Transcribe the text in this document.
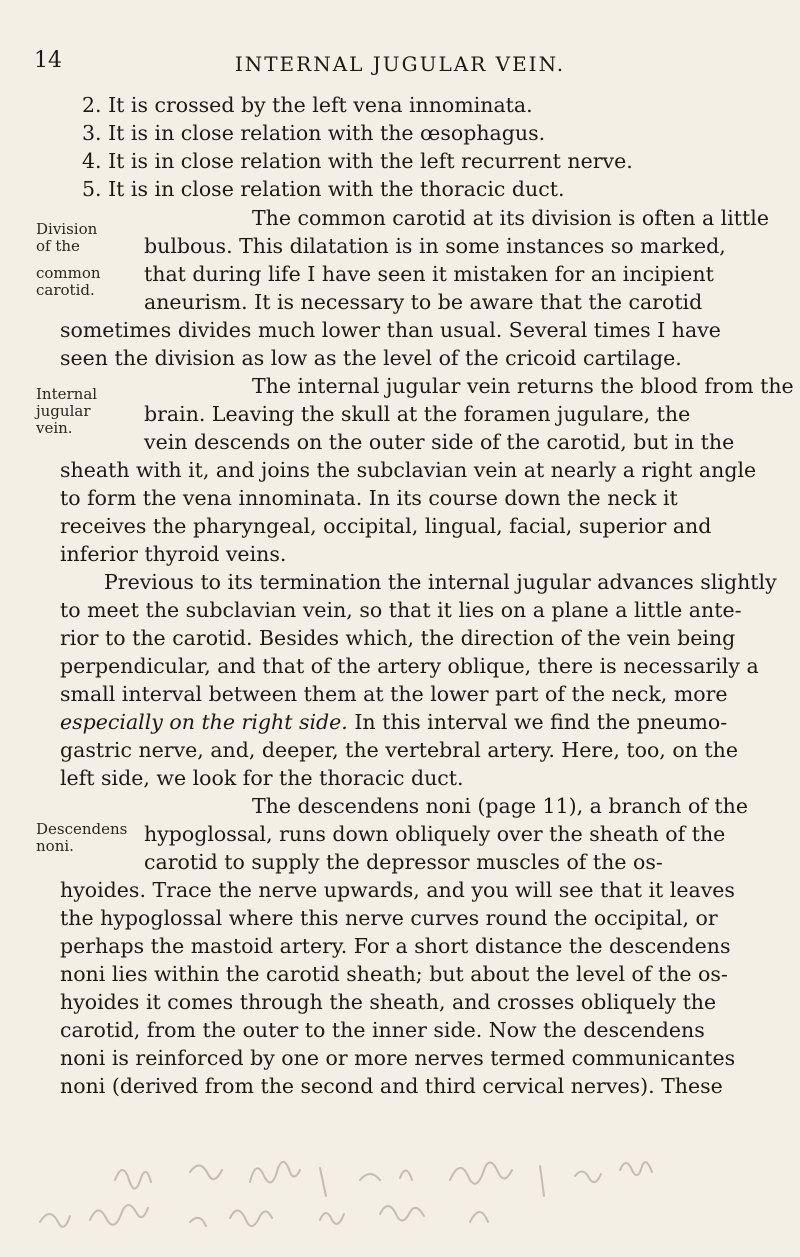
14	INTERNAL JUGULAR VEIN.
2. It is crossed by the left vena innominata.
3. It is in close relation with the œsophagus.
4. It is in close relation with the left recurrent nerve.
5. It is in close relation with the thoracic duct.
Division
of the
common
carotid.
The common carotid at its division is often a little
bulbous. This dilatation is in some instances so marked,
that during life I have seen it mistaken for an incipient
aneurism. It is necessary to be aware that the carotid
sometimes divides much lower than usual. Several times I have
seen the division as low as the level of the cricoid cartilage.
Internal
jugular
vein.
The internal jugular vein returns the blood from the
brain. Leaving the skull at the foramen jugulare, the
vein descends on the outer side of the carotid, but in the
sheath with it, and joins the subclavian vein at nearly a right angle
to form the vena innominata. In its course down the neck it
receives the pharyngeal, occipital, lingual, facial, superior and
inferior thyroid veins.
Previous to its termination the internal jugular advances slightly
to meet the subclavian vein, so that it lies on a plane a little ante-
rior to the carotid. Besides which, the direction of the vein being
perpendicular, and that of the artery oblique, there is necessarily a
small interval between them at the lower part of the neck, more
especially on the right side. In this interval we find the pneumo-
gastric nerve, and, deeper, the vertebral artery. Here, too, on the
left side, we look for the thoracic duct.
Descendens
noni.
The descendens noni (page 11), a branch of the
hypoglossal, runs down obliquely over the sheath of the
carotid to supply the depressor muscles of the os-
hyoides. Trace the nerve upwards, and you will see that it leaves
the hypoglossal where this nerve curves round the occipital, or
perhaps the mastoid artery. For a short distance the descendens
noni lies within the carotid sheath; but about the level of the os-
hyoides it comes through the sheath, and crosses obliquely the
carotid, from the outer to the inner side. Now the descendens
noni is reinforced by one or more nerves termed communicantes
noni (derived from the second and third cervical nerves). These
